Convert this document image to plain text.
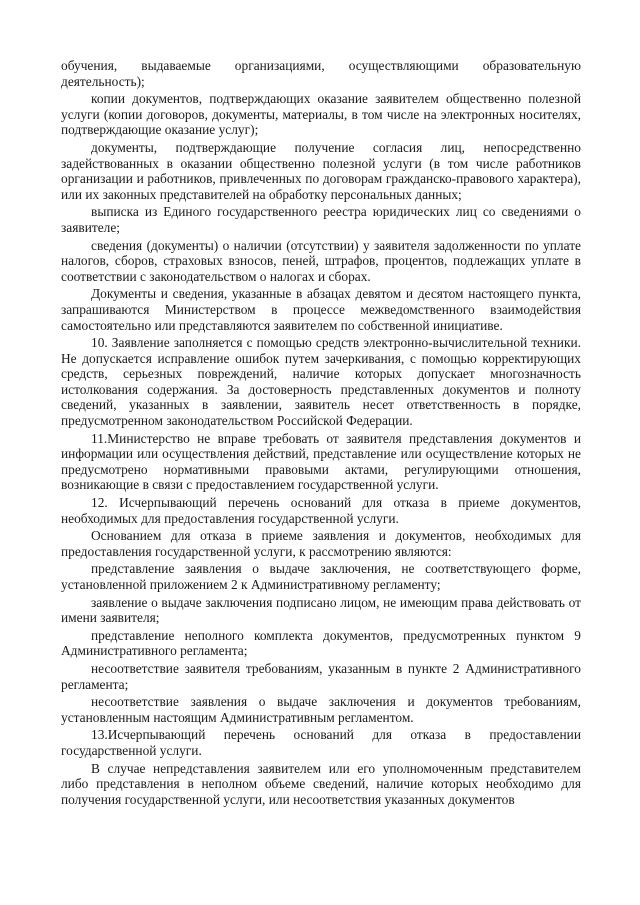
обучения, выдаваемые организациями, осуществляющими образовательную деятельность);

копии документов, подтверждающих оказание заявителем общественно полезной услуги (копии договоров, документы, материалы, в том числе на электронных носителях, подтверждающие оказание услуг);

документы, подтверждающие получение согласия лиц, непосредственно задействованных в оказании общественно полезной услуги (в том числе работников организации и работников, привлеченных по договорам гражданско-правового характера), или их законных представителей на обработку персональных данных;

выписка из Единого государственного реестра юридических лиц со сведениями о заявителе;

сведения (документы) о наличии (отсутствии) у заявителя задолженности по уплате налогов, сборов, страховых взносов, пеней, штрафов, процентов, подлежащих уплате в соответствии с законодательством о налогах и сборах.

Документы и сведения, указанные в абзацах девятом и десятом настоящего пункта, запрашиваются Министерством в процессе межведомственного взаимодействия самостоятельно или представляются заявителем по собственной инициативе.

10. Заявление заполняется с помощью средств электронно-вычислительной техники. Не допускается исправление ошибок путем зачеркивания, с помощью корректирующих средств, серьезных повреждений, наличие которых допускает многозначность истолкования содержания. За достоверность представленных документов и полноту сведений, указанных в заявлении, заявитель несет ответственность в порядке, предусмотренном законодательством Российской Федерации.

11.Министерство не вправе требовать от заявителя представления документов и информации или осуществления действий, представление или осуществление которых не предусмотрено нормативными правовыми актами, регулирующими отношения, возникающие в связи с предоставлением государственной услуги.

12. Исчерпывающий перечень оснований для отказа в приеме документов, необходимых для предоставления государственной услуги.

Основанием для отказа в приеме заявления и документов, необходимых для предоставления государственной услуги, к рассмотрению являются:

представление заявления о выдаче заключения, не соответствующего форме, установленной приложением 2 к Административному регламенту;

заявление о выдаче заключения подписано лицом, не имеющим права действовать от имени заявителя;

представление неполного комплекта документов, предусмотренных пунктом 9 Административного регламента;

несоответствие заявителя требованиям, указанным в пункте 2 Административного регламента;

несоответствие заявления о выдаче заключения и документов требованиям, установленным настоящим Административным регламентом.

13.Исчерпывающий перечень оснований для отказа в предоставлении государственной услуги.

В случае непредставления заявителем или его уполномоченным представителем либо представления в неполном объеме сведений, наличие которых необходимо для получения государственной услуги, или несоответствия указанных документов
